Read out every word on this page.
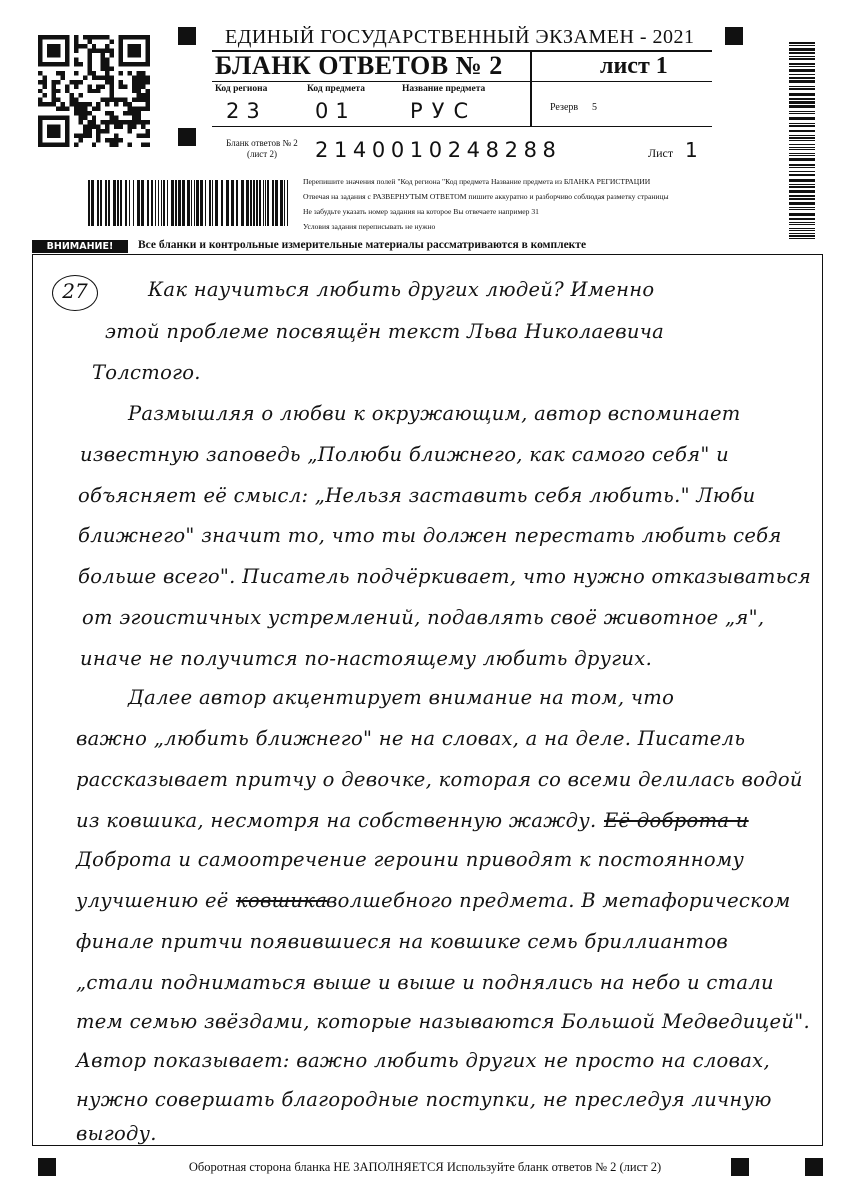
ЕДИНЫЙ ГОСУДАРСТВЕННЫЙ ЭКЗАМЕН - 2021
БЛАНК ОТВЕТОВ № 2	лист 1
Код региона
23
Код предмета
01
Название предмета
РУС	Резерв 5
Бланк ответов № 2
(лист 2)	2140010248288	Лист 1
Перепишите значения полей "Код региона "Код предмета Название предмета из БЛАНКА РЕГИСТРАЦИИ
Отвечая на задания с РАЗВЕРНУТЫМ ОТВЕТОМ пишите аккуратно и разборчиво соблюдая разметку страницы
Не забудьте указать номер задания на которое Вы отвечаете например 31
Условия задания переписывать не нужно
ВНИМАНИЕ!	Все бланки и контрольные измерительные материалы рассматриваются в комплекте
27	Как научиться любить других людей? Именно
этой проблеме посвящён текст Льва Николаевича
Толстого.
Размышляя о любви к окружающим, автор вспоминает
известную заповедь „Полюби ближнего, как самого себя" и
объясняет её смысл: „Нельзя заставить себя любить." Люби
ближнего" значит то, что ты должен перестать любить себя
больше всего". Писатель подчёркивает, что нужно отказываться
от эгоистичных устремлений, подавлять своё животное „я",
иначе не получится по-настоящему любить других.
Далее автор акцентирует внимание на том, что
важно „любить ближнего" не на словах, а на деле. Писатель
рассказывает притчу о девочке, которая со всеми делилась водой
из ковшика, несмотря на собственную жажду. Её доброта и
Доброта и самоотречение героини приводят к постоянному
улучшению её ковшика
волшебного предмета. В метафорическом
финале притчи появившиеся на ковшике семь бриллиантов
„стали подниматься выше и выше и поднялись на небо и стали
тем семью звёздами, которые называются Большой Медведицей".
Автор показывает: важно любить других не просто на словах,
нужно совершать благородные поступки, не преследуя личную
выгоду.
Оборотная сторона бланка НЕ ЗАПОЛНЯЕТСЯ Используйте бланк ответов № 2 (лист 2)
